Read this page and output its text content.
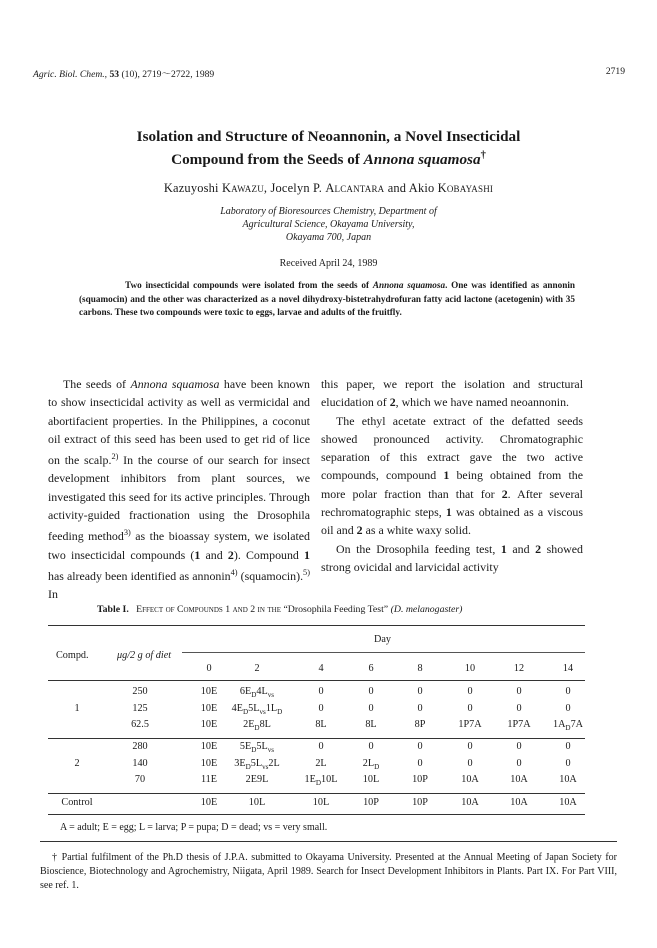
Agric. Biol. Chem., 53 (10), 2719～2722, 1989	2719
Isolation and Structure of Neoannonin, a Novel Insecticidal
Compound from the Seeds of Annona squamosa†
Kazuyoshi Kawazu, Jocelyn P. Alcantara and Akio Kobayashi
Laboratory of Bioresources Chemistry, Department of
Agricultural Science, Okayama University,
Okayama 700, Japan
Received April 24, 1989
Two insecticidal compounds were isolated from the seeds of Annona squamosa. One was identified as annonin (squamocin) and the other was characterized as a novel dihydroxy-bistetrahydrofuran fatty acid lactone (acetogenin) with 35 carbons. These two compounds were toxic to eggs, larvae and adults of the fruitfly.

The seeds of Annona squamosa have been known to show insecticidal activity as well as vermicidal and abortifacient properties. In the Philippines, a coconut oil extract of this seed has been used to get rid of lice on the scalp.$^{2)}$ In the course of our search for insect development inhibitors from plant sources, we investigated this seed for its active principles. Through activity-guided fractionation using the Drosophila feeding method$^{3)}$ as the bioassay system, we isolated two insecticidal compounds (1 and 2). Compound 1 has already been identified as annonin$^{4)}$ (squamocin).$^{5)}$ In

this paper, we report the isolation and structural elucidation of 2, which we have named neoannonin.

The ethyl acetate extract of the defatted seeds showed pronounced activity. Chromatographic separation of this extract gave the two active compounds, compound 1 being obtained from the more polar fraction than that for 2. After several rechromatographic steps, 1 was obtained as a viscous oil and 2 as a white waxy solid.

On the Drosophila feeding test, 1 and 2 showed strong ovicidal and larvicidal activity

Table I. Effect of Compounds 1 and 2 in the “Drosophila Feeding Test” (D. melanogaster)
Compd.	μg/2 g of diet
Day
A = adult; E = egg; L = larva; P = pupa; D = dead; vs = very small.
† Partial fulfilment of the Ph.D thesis of J.P.A. submitted to Okayama University. Presented at the Annual Meeting of Japan Society for Bioscience, Biotechnology and Agrochemistry, Niigata, April 1989. Search for Insect Development Inhibitors in Plants. Part IX. For Part VIII, see ref. 1.
0	2	4	6	8	10	12	14
1
250	10E	$6E_D4L_{vs}$	0	0	0	0	0	0
125	10E	$4E_D5L_{vs}1L_D$	0	0	0	0	0	0
62.5	10E	$2E_D8L$	8L	8L	8P	1P7A	1P7A	$1A_D7A$
2
280	10E	$5E_D5L_{vs}$	0	0	0	0	0	0
140	10E	$3E_D5L_{vs}2L$	2L	$2L_D$	0	0	0	0
70	11E	2E9L	$1E_D10L$	10L	10P	10A	10A	10A
Control	10E	10L	10L	10P	10P	10A	10A	10A
